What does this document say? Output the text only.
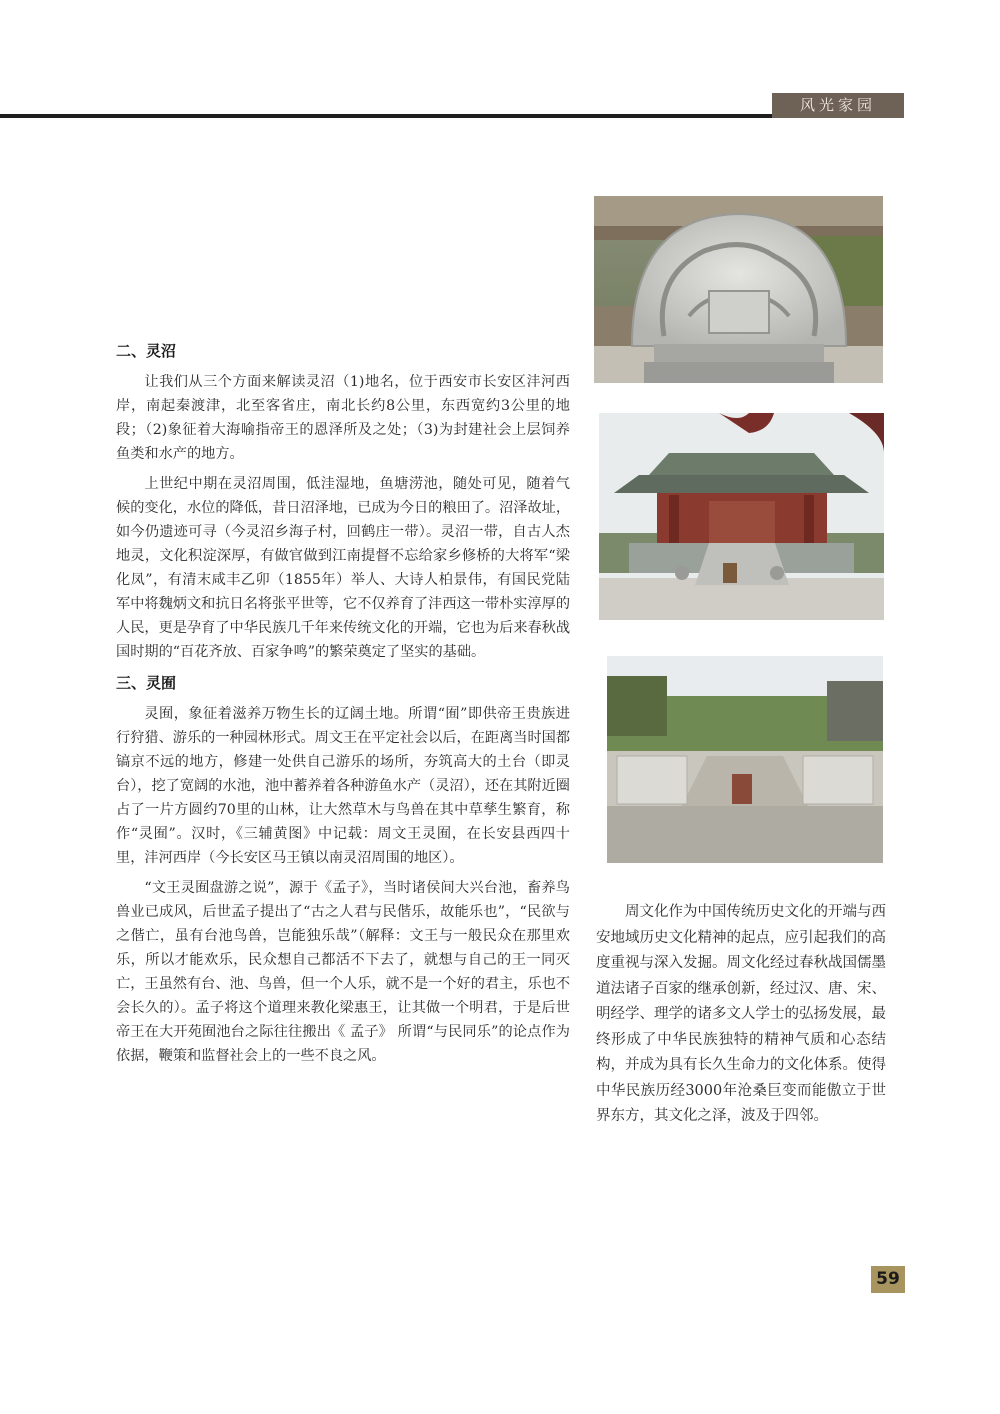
风光家园

二、灵沼

让我们从三个方面来解读灵沼（1)地名，位于西安市长安区沣河西岸，南起秦渡津，北至客省庄，南北长约8公里，东西宽约3公里的地段；（2)象征着大海喻指帝王的恩泽所及之处；（3)为封建社会上层饲养鱼类和水产的地方。

上世纪中期在灵沼周围，低洼湿地，鱼塘涝池，随处可见，随着气候的变化，水位的降低，昔日沼泽地，已成为今日的粮田了。沼泽故址，如今仍遗迹可寻（今灵沼乡海子村，回鹤庄一带）。灵沼一带，自古人杰地灵，文化积淀深厚，有做官做到江南提督不忘给家乡修桥的大将军“梁化凤”，有清末咸丰乙卯（1855年）举人、大诗人柏景伟，有国民党陆军中将魏炳文和抗日名将张平世等，它不仅养育了沣西这一带朴实淳厚的人民，更是孕育了中华民族几千年来传统文化的开端，它也为后来春秋战国时期的“百花齐放、百家争鸣”的繁荣奠定了坚实的基础。

三、灵囿

灵囿，象征着滋养万物生长的辽阔土地。所谓“囿”即供帝王贵族进行狩猎、游乐的一种园林形式。周文王在平定社会以后，在距离当时国都镐京不远的地方，修建一处供自己游乐的场所，夯筑高大的土台（即灵台），挖了宽阔的水池，池中蓄养着各种游鱼水产（灵沼），还在其附近圈占了一片方圆约70里的山林，让大然草木与鸟兽在其中草孳生繁育，称作“灵囿”。汉时，《三辅黄图》中记载：周文王灵囿，在长安县西四十里，沣河西岸（今长安区马王镇以南灵沼周围的地区）。

“文王灵囿盘游之说”，源于《孟子》，当时诸侯间大兴台池，畜养鸟兽业已成风，后世孟子提出了“古之人君与民偕乐，故能乐也”，“民欲与之偕亡，虽有台池鸟兽，岂能独乐哉”（解释：文王与一般民众在那里欢乐，所以才能欢乐，民众想自己都活不下去了，就想与自己的王一同灭亡，王虽然有台、池、鸟兽，但一个人乐，就不是一个好的君主，乐也不会长久的）。孟子将这个道理来教化梁惠王，让其做一个明君，于是后世帝王在大开苑囿池台之际往往搬出《 孟子》 所谓“与民同乐”的论点作为依据，鞭策和监督社会上的一些不良之风。

周文化作为中国传统历史文化的开端与西安地域历史文化精神的起点，应引起我们的高度重视与深入发掘。周文化经过春秋战国儒墨道法诸子百家的继承创新，经过汉、唐、宋、明经学、理学的诸多文人学士的弘扬发展，最终形成了中华民族独特的精神气质和心态结构，并成为具有长久生命力的文化体系。使得中华民族历经3000年沧桑巨变而能傲立于世界东方，其文化之泽，波及于四邻。

59
